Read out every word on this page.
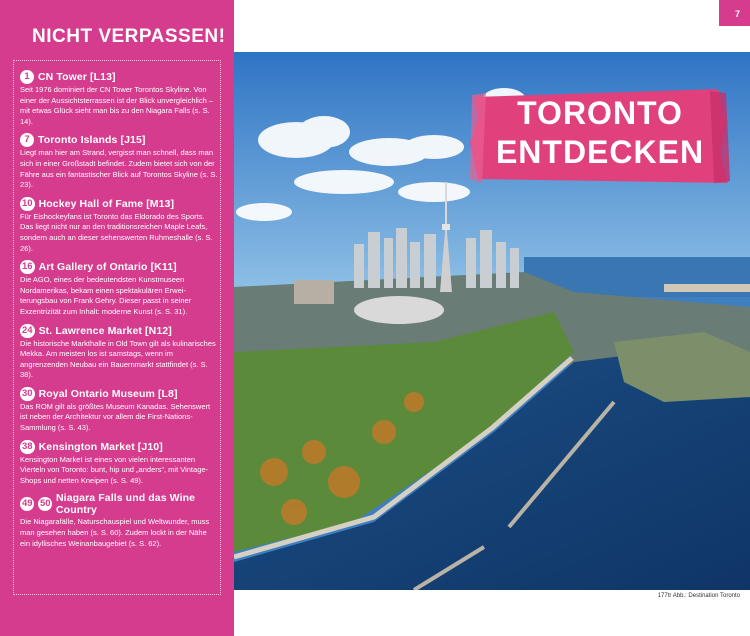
NICHT VERPASSEN!
1 CN Tower [L13]
Seit 1976 dominiert der CN Tower Torontos Skyline. Von einer der Aussichtsterrassen ist der Blick unvergleichlich – mit etwas Glück sieht man bis zu den Niagara Falls (s. S. 14).
7 Toronto Islands [J15]
Liegt man hier am Strand, vergisst man schnell, dass man sich in einer Großstadt befindet. Zudem bietet sich von der Fähre aus ein fantastischer Blick auf Torontos Skyline (s. S. 23).
10 Hockey Hall of Fame [M13]
Für Eishockeyfans ist Toronto das Eldorado des Sports. Das liegt nicht nur an den traditionsreichen Maple Leafs, sondern auch an dieser sehenswerten Ruhmeshalle (s. S. 26).
16 Art Gallery of Ontario [K11]
Die AGO, eines der bedeutendsten Kunstmuseen Nordamerikas, bekam einen spektakulären Erweiterungsbau von Frank Gehry. Dieser passt in seiner Exzentrizität zum Inhalt: moderne Kunst (s. S. 31).
24 St. Lawrence Market [N12]
Die historische Markthalle in Old Town gilt als kulinarisches Mekka. Am meisten los ist samstags, wenn im angrenzenden Neubau ein Bauernmarkt stattfindet (s. S. 38).
30 Royal Ontario Museum [L8]
Das ROM gilt als größtes Museum Kanadas. Sehenswert ist neben der Architektur vor allem die First-Nations-Sammlung (s. S. 43).
38 Kensington Market [J10]
Kensington Market ist eines von vielen interessanten Vierteln von Toronto: bunt, hip und „anders“, mit Vintage-Shops und netten Kneipen (s. S. 49).
49 50 Niagara Falls und das Wine Country
Die Niagarafälle, Naturschauspiel und Weltwunder, muss man gesehen haben (s. S. 60). Zudem lockt in der Nähe ein idyllisches Weinanbaugebiet (s. S. 62).
7
TORONTO
ENTDECKEN
177tr Abb.: Destination Toronto
